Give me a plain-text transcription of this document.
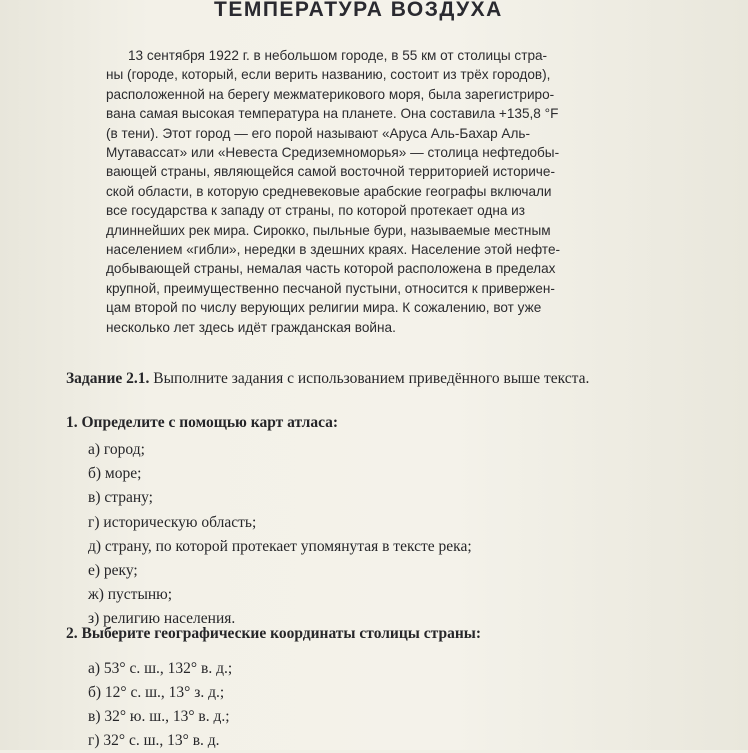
ТЕМПЕРАТУРА ВОЗДУХА
13 сентября 1922 г. в небольшом городе, в 55 км от столицы стра-
ны (городе, который, если верить названию, состоит из трёх городов),
расположенной на берегу межматерикового моря, была зарегистриро-
вана самая высокая температура на планете. Она составила +135,8 °F
(в тени). Этот город — его порой называют «Аруса Аль-Бахар Аль-
Мутавассат» или «Невеста Средиземноморья» — столица нефтедобы-
вающей страны, являющейся самой восточной территорией историче-
ской области, в которую средневековые арабские географы включали
все государства к западу от страны, по которой протекает одна из
длиннейших рек мира. Сирокко, пыльные бури, называемые местным
населением «гибли», нередки в здешних краях. Население этой нефте-
добывающей страны, немалая часть которой расположена в пределах
крупной, преимущественно песчаной пустыни, относится к привержен-
цам второй по числу верующих религии мира. К сожалению, вот уже
несколько лет здесь идёт гражданская война.
Задание 2.1. Выполните задания с использованием приведённого выше текста.
1. Определите с помощью карт атласа:
а) город;
б) море;
в) страну;
г) историческую область;
д) страну, по которой протекает упомянутая в тексте река;
е) реку;
ж) пустыню;
з) религию населения.
2. Выберите географические координаты столицы страны:
а) 53° с. ш., 132° в. д.;
б) 12° с. ш., 13° з. д.;
в) 32° ю. ш., 13° в. д.;
г) 32° с. ш., 13° в. д.
